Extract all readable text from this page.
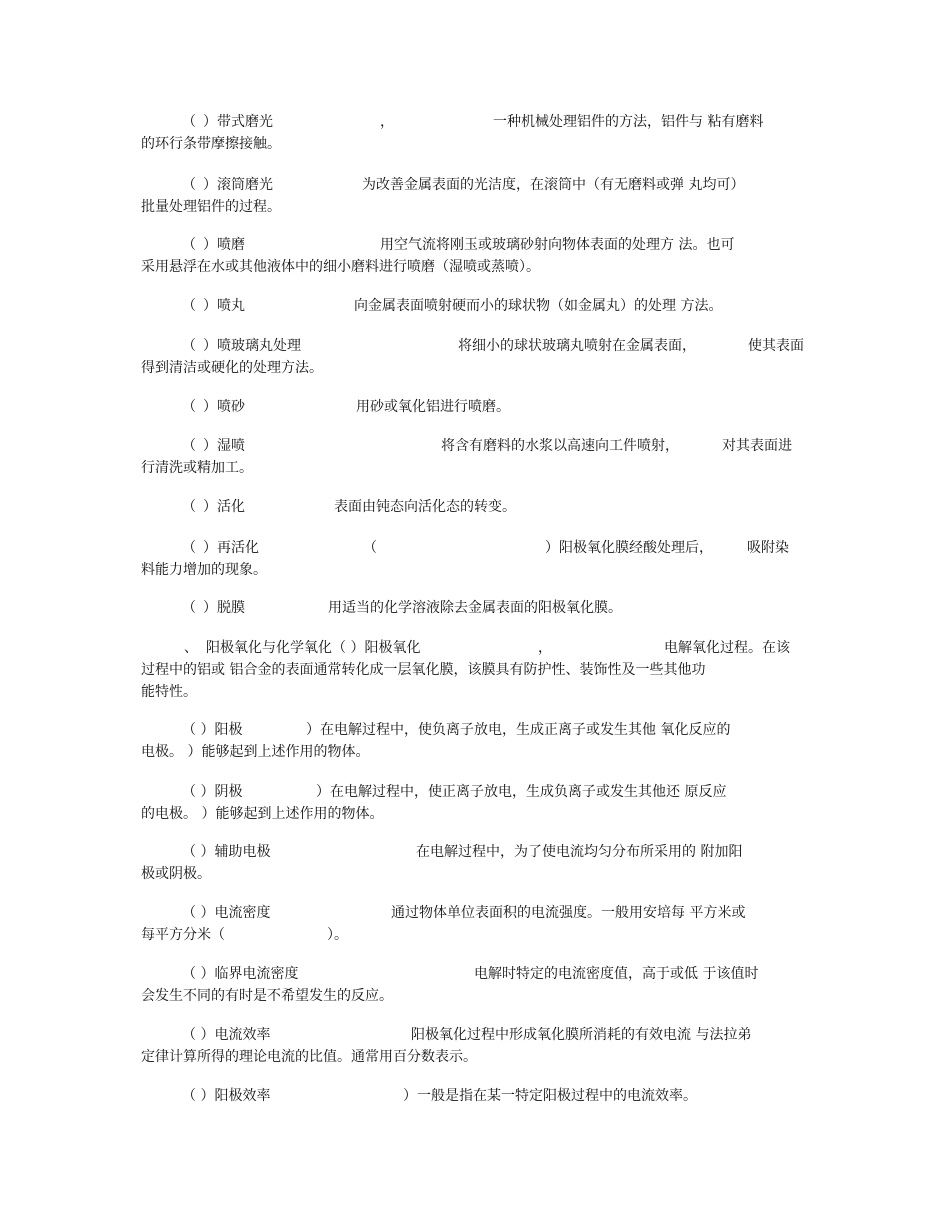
（ ）带式磨光	，	一种机械处理铝件的方法，铝件与 粘有磨料
的环行条带摩擦接触。
（ ）滚筒磨光	为改善金属表面的光洁度，在滚筒中（有无磨料或弹 丸均可）
批量处理铝件的过程。
（ ）喷磨	用空气流将刚玉或玻璃砂射向物体表面的处理方 法。也可
采用悬浮在水或其他液体中的细小磨料进行喷磨（湿喷或蒸喷）。
（ ）喷丸	向金属表面喷射硬而小的球状物（如金属丸）的处理 方法。
（ ）喷玻璃丸处理	将细小的球状玻璃丸喷射在金属表面，	使其表面
得到清洁或硬化的处理方法。
（ ）喷砂	用砂或氧化铝进行喷磨。
（ ）湿喷	将含有磨料的水浆以高速向工件喷射，	对其表面进
行清洗或精加工。
（ ）活化	表面由钝态向活化态的转变。
（ ）再活化	（	）阳极氧化膜经酸处理后， 吸附染
料能力增加的现象。
（ ）脱膜	用适当的化学溶液除去金属表面的阳极氧化膜。
、 阳极氧化与化学氧化（ ）阳极氧化	，	电解氧化过程。在该
过程中的铝或 铝合金的表面通常转化成一层氧化膜，该膜具有防护性、装饰性及一些其他功
能特性。
（ ）阳极	）在电解过程中，使负离子放电，生成正离子或发生其他 氧化反应的
电极。 ）能够起到上述作用的物体。
（ ）阴极	）在电解过程中，使正离子放电，生成负离子或发生其他还 原反应
的电极。 ）能够起到上述作用的物体。
（ ）辅助电极	在电解过程中，为了使电流均匀分布所采用的 附加阳
极或阴极。
（ ）电流密度	通过物体单位表面积的电流强度。一般用安培每 平方米或
每平方分米（	）。
（ ）临界电流密度	电解时特定的电流密度值，高于或低 于该值时
会发生不同的有时是不希望发生的反应。
（ ）电流效率	阳极氧化过程中形成氧化膜所消耗的有效电流 与法拉弟
定律计算所得的理论电流的比值。通常用百分数表示。
（ ）阳极效率	）一般是指在某一特定阳极过程中的电流效率。
